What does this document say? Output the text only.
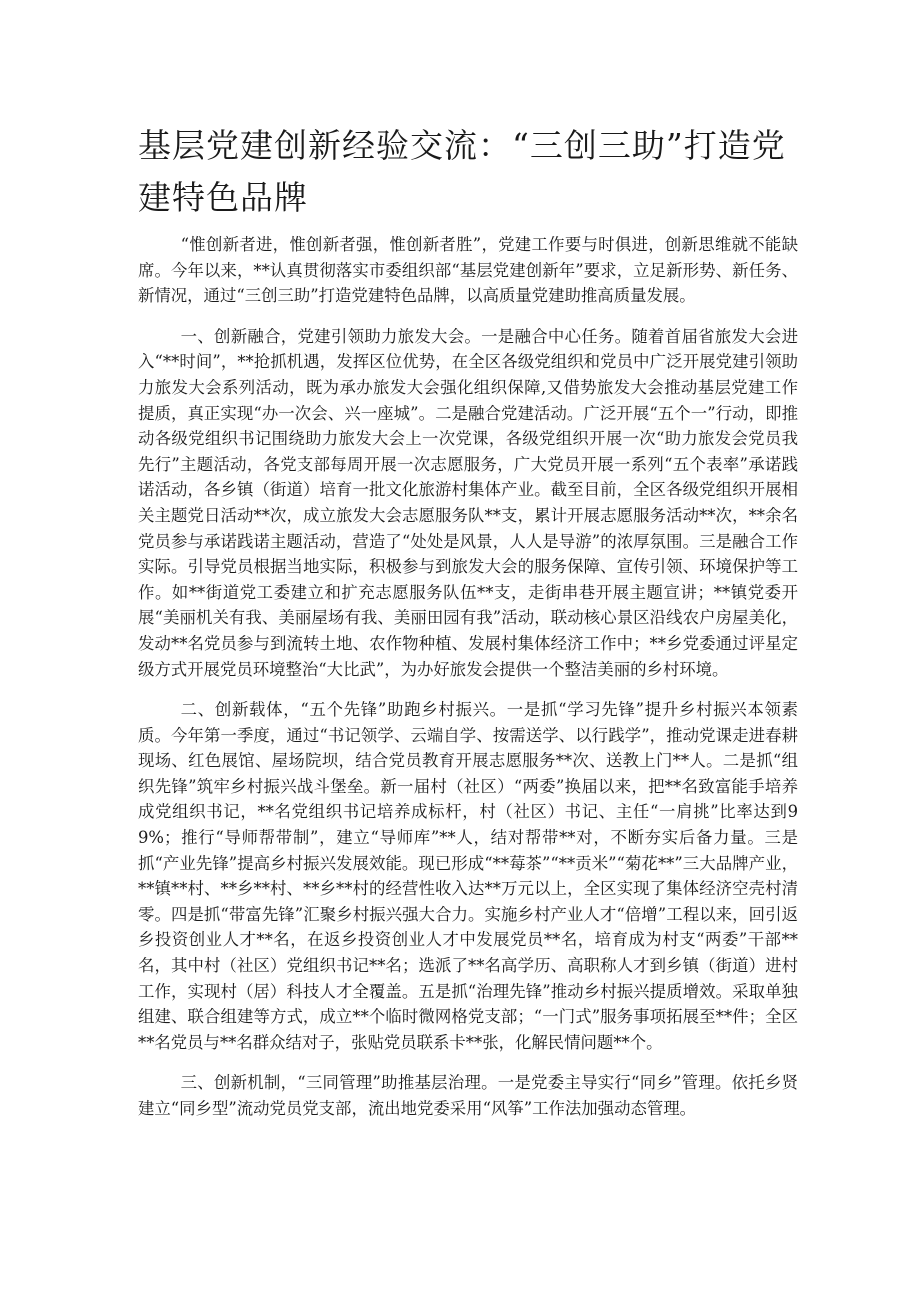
基层党建创新经验交流：“三创三助”打造党建特色品牌

“惟创新者进，惟创新者强，惟创新者胜”，党建工作要与时俱进，创新思维就不能缺席。今年以来，**认真贯彻落实市委组织部“基层党建创新年”要求，立足新形势、新任务、新情况，通过“三创三助”打造党建特色品牌，以高质量党建助推高质量发展。

一、创新融合，党建引领助力旅发大会。一是融合中心任务。随着首届省旅发大会进入“**时间”，**抢抓机遇，发挥区位优势，在全区各级党组织和党员中广泛开展党建引领助力旅发大会系列活动，既为承办旅发大会强化组织保障,又借势旅发大会推动基层党建工作提质，真正实现“办一次会、兴一座城”。二是融合党建活动。广泛开展“五个一”行动，即推动各级党组织书记围绕助力旅发大会上一次党课，各级党组织开展一次“助力旅发会党员我先行”主题活动，各党支部每周开展一次志愿服务，广大党员开展一系列“五个表率”承诺践诺活动，各乡镇（街道）培育一批文化旅游村集体产业。截至目前，全区各级党组织开展相关主题党日活动**次，成立旅发大会志愿服务队**支，累计开展志愿服务活动**次，**余名党员参与承诺践诺主题活动，营造了“处处是风景，人人是导游”的浓厚氛围。三是融合工作实际。引导党员根据当地实际，积极参与到旅发大会的服务保障、宣传引领、环境保护等工作。如**街道党工委建立和扩充志愿服务队伍**支，走街串巷开展主题宣讲；**镇党委开展“美丽机关有我、美丽屋场有我、美丽田园有我”活动，联动核心景区沿线农户房屋美化，发动**名党员参与到流转土地、农作物种植、发展村集体经济工作中；**乡党委通过评星定级方式开展党员环境整治“大比武”，为办好旅发会提供一个整洁美丽的乡村环境。

二、创新载体，“五个先锋”助跑乡村振兴。一是抓“学习先锋”提升乡村振兴本领素质。今年第一季度，通过“书记领学、云端自学、按需送学、以行践学”，推动党课走进春耕现场、红色展馆、屋场院坝，结合党员教育开展志愿服务**次、送教上门**人。二是抓“组织先锋”筑牢乡村振兴战斗堡垒。新一届村（社区）“两委”换届以来，把**名致富能手培养成党组织书记，**名党组织书记培养成标杆，村（社区）书记、主任“一肩挑”比率达到99%；推行“导师帮带制”，建立“导师库”**人，结对帮带**对，不断夯实后备力量。三是抓“产业先锋”提高乡村振兴发展效能。现已形成“**莓茶”“**贡米”“菊花**”三大品牌产业，**镇**村、**乡**村、**乡**村的经营性收入达**万元以上，全区实现了集体经济空壳村清零。四是抓“带富先锋”汇聚乡村振兴强大合力。实施乡村产业人才“倍增”工程以来，回引返乡投资创业人才**名，在返乡投资创业人才中发展党员**名，培育成为村支“两委”干部**名，其中村（社区）党组织书记**名；选派了**名高学历、高职称人才到乡镇（街道）进村工作，实现村（居）科技人才全覆盖。五是抓“治理先锋”推动乡村振兴提质增效。采取单独组建、联合组建等方式，成立**个临时微网格党支部；“一门式”服务事项拓展至**件；全区**名党员与**名群众结对子，张贴党员联系卡**张，化解民情问题**个。

三、创新机制，“三同管理”助推基层治理。一是党委主导实行“同乡”管理。依托乡贤建立“同乡型”流动党员党支部，流出地党委采用“风筝”工作法加强动态管理。
